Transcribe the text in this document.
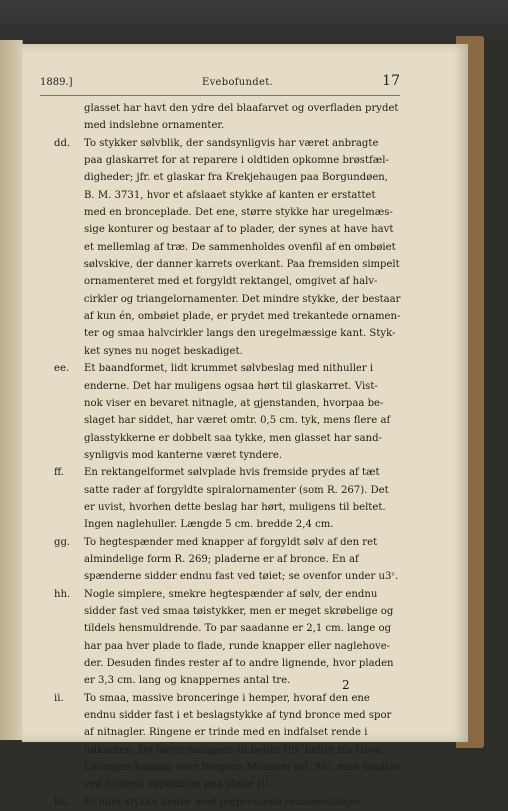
1889.]	Evebofundet.	17
glasset har havt den ydre del blaafarvet og overfladen prydet
med indslebne ornamenter.
dd.	To stykker sølvblik, der sandsynligvis har været anbragte
paa glaskarret for at reparere i oldtiden opkomne brøstfæl-
digheder; jfr. et glaskar fra Krekjehaugen paa Borgundøen,
B. M. 3731, hvor et afslaaet stykke af kanten er erstattet
med en bronceplade. Det ene, større stykke har uregelmæs-
sige konturer og bestaar af to plader, der synes at have havt
et mellemlag af træ. De sammenholdes ovenfil af en ombøiet
sølvskive, der danner karrets overkant. Paa fremsiden simpelt
ornamenteret med et forgyldt rektangel, omgivet af halv-
cirkler og triangelornamenter. Det mindre stykke, der bestaar
af kun én, ombøiet plade, er prydet med trekantede ornamen-
ter og smaa halvcirkler langs den uregelmæssige kant. Styk-
ket synes nu noget beskadiget.
ee.	Et baandformet, lidt krummet sølvbeslag med nithuller i
enderne. Det har muligens ogsaa hørt til glaskarret. Vist-
nok viser en bevaret nitnagle, at gjenstanden, hvorpaa be-
slaget har siddet, har været omtr. 0,5 cm. tyk, mens flere af
glasstykkerne er dobbelt saa tykke, men glasset har sand-
synligvis mod kanterne været tyndere.
ff.	En rektangelformet sølvplade hvis fremside prydes af tæt
satte rader af forgyldte spiralornamenter (som R. 267). Det
er uvist, hvorhen dette beslag har hørt, muligens til beltet.
Ingen naglehuller. Længde 5 cm. bredde 2,4 cm.
gg.	To hegtespænder med knapper af forgyldt sølv af den ret
almindelige form R. 269; pladerne er af bronce. En af
spænderne sidder endnu fast ved tøiet; se ovenfor under u3ᶜ.
hh.	Nogle simplere, smekre hegtespænder af sølv, der endnu
sidder fast ved smaa tøistykker, men er meget skrøbelige og
tildels hensmuldrende. To par saadanne er 2,1 cm. lange og
har paa hver plade to flade, runde knapper eller naglehove-
der. Desuden findes rester af to andre lignende, hvor pladen
er 3,3 cm. lang og knappernes antal tre.
ii.	To smaa, massive bronceringe i hemper, hvoraf den ene
endnu sidder fast i et beslagstykke af tynd bronce med spor
af nitnagler. Ringene er trinde med en indfalset rende i
udkanten. De hører muligens til beltet (jfr. beltet fra Hove,
Loranges katalog over Bergens Museum sid. 98), men fandtes
ved fundets oppakning paa plade III.
kk.	Et lidet stykke læder med indpressede ornamentlinjer.
2
